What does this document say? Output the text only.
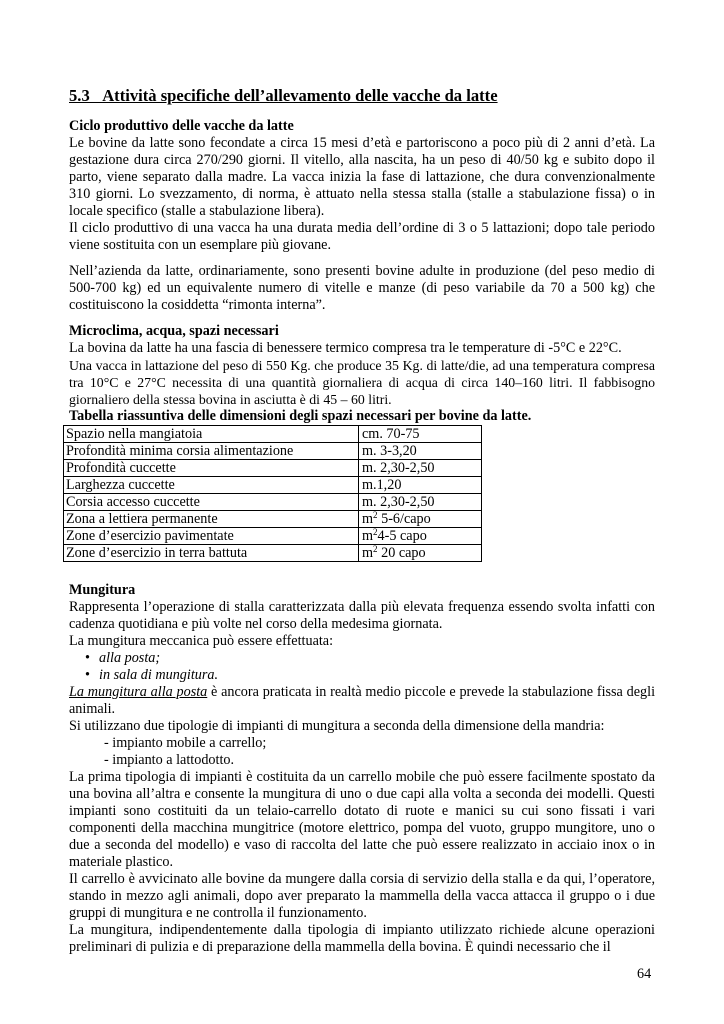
5.3   Attività specifiche dell’allevamento delle vacche da latte
Ciclo produttivo delle vacche da latte

Le bovine da latte sono fecondate a circa 15 mesi d’età e partoriscono a poco più di 2 anni d’età. La gestazione dura circa 270/290 giorni. Il vitello, alla nascita, ha un peso di 40/50 kg e subito dopo il parto, viene separato dalla madre. La vacca inizia la fase di lattazione, che dura convenzionalmente 310 giorni. Lo svezzamento, di norma, è attuato nella stessa stalla (stalle a stabulazione fissa) o in locale specifico (stalle a stabulazione libera).

Il ciclo produttivo di una vacca ha una durata media dell’ordine di 3 o 5 lattazioni; dopo tale periodo viene sostituita con un esemplare più giovane.

Nell’azienda da latte, ordinariamente, sono presenti bovine adulte in produzione (del peso medio di 500-700 kg) ed un equivalente numero di vitelle e manze (di peso variabile da 70 a 500 kg) che costituiscono la cosiddetta “rimonta interna”.

Microclima, acqua, spazi necessari

La bovina da latte ha una fascia di benessere termico compresa tra le temperature di -5°C e 22°C.

Una vacca in lattazione del peso di 550 Kg. che produce 35 Kg. di latte/die, ad una temperatura compresa tra 10°C e 27°C necessita di una quantità giornaliera di acqua di circa 140–160 litri. Il fabbisogno giornaliero della stessa bovina in asciutta è di 45 – 60 litri.

Tabella riassuntiva delle dimensioni degli spazi necessari per bovine da latte.
Spazio nella mangiatoia	cm. 70-75
Profondità minima corsia alimentazione	m. 3-3,20
Profondità cuccette	m. 2,30-2,50
Larghezza cuccette	m.1,20
Corsia accesso cuccette	m. 2,30-2,50
Zona a lettiera permanente	$m^2$ 5-6/capo
Zone d’esercizio pavimentate	$m^24-5$ capo
Zone d’esercizio in terra battuta	$m^2$ 20 capo
Mungitura

Rappresenta l’operazione di stalla caratterizzata dalla più elevata frequenza essendo svolta infatti con cadenza quotidiana e più volte nel corso della medesima giornata.

La mungitura meccanica può essere effettuata:

• alla posta;
• in sala di mungitura.

La mungitura alla posta è ancora praticata in realtà medio piccole e prevede la stabulazione fissa degli animali.

Si utilizzano due tipologie di impianti di mungitura a seconda della dimensione della mandria:

- impianto mobile a carrello;

- impianto a lattodotto.

La prima tipologia di impianti è costituita da un carrello mobile che può essere facilmente spostato da una bovina all’altra e consente la mungitura di uno o due capi alla volta a seconda dei modelli. Questi impianti sono costituiti da un telaio-carrello dotato di ruote e manici su cui sono fissati i vari componenti della macchina mungitrice (motore elettrico, pompa del vuoto, gruppo mungitore, uno o due a seconda del modello) e vaso di raccolta del latte che può essere realizzato in acciaio inox o in materiale plastico.

Il carrello è avvicinato alle bovine da mungere dalla corsia di servizio della stalla e da qui, l’operatore, stando in mezzo agli animali, dopo aver preparato la mammella della vacca attacca il gruppo o i due gruppi di mungitura e ne controlla il funzionamento.

La mungitura, indipendentemente dalla tipologia di impianto utilizzato richiede alcune operazioni preliminari di pulizia e di preparazione della mammella della bovina. È quindi necessario che il

64
